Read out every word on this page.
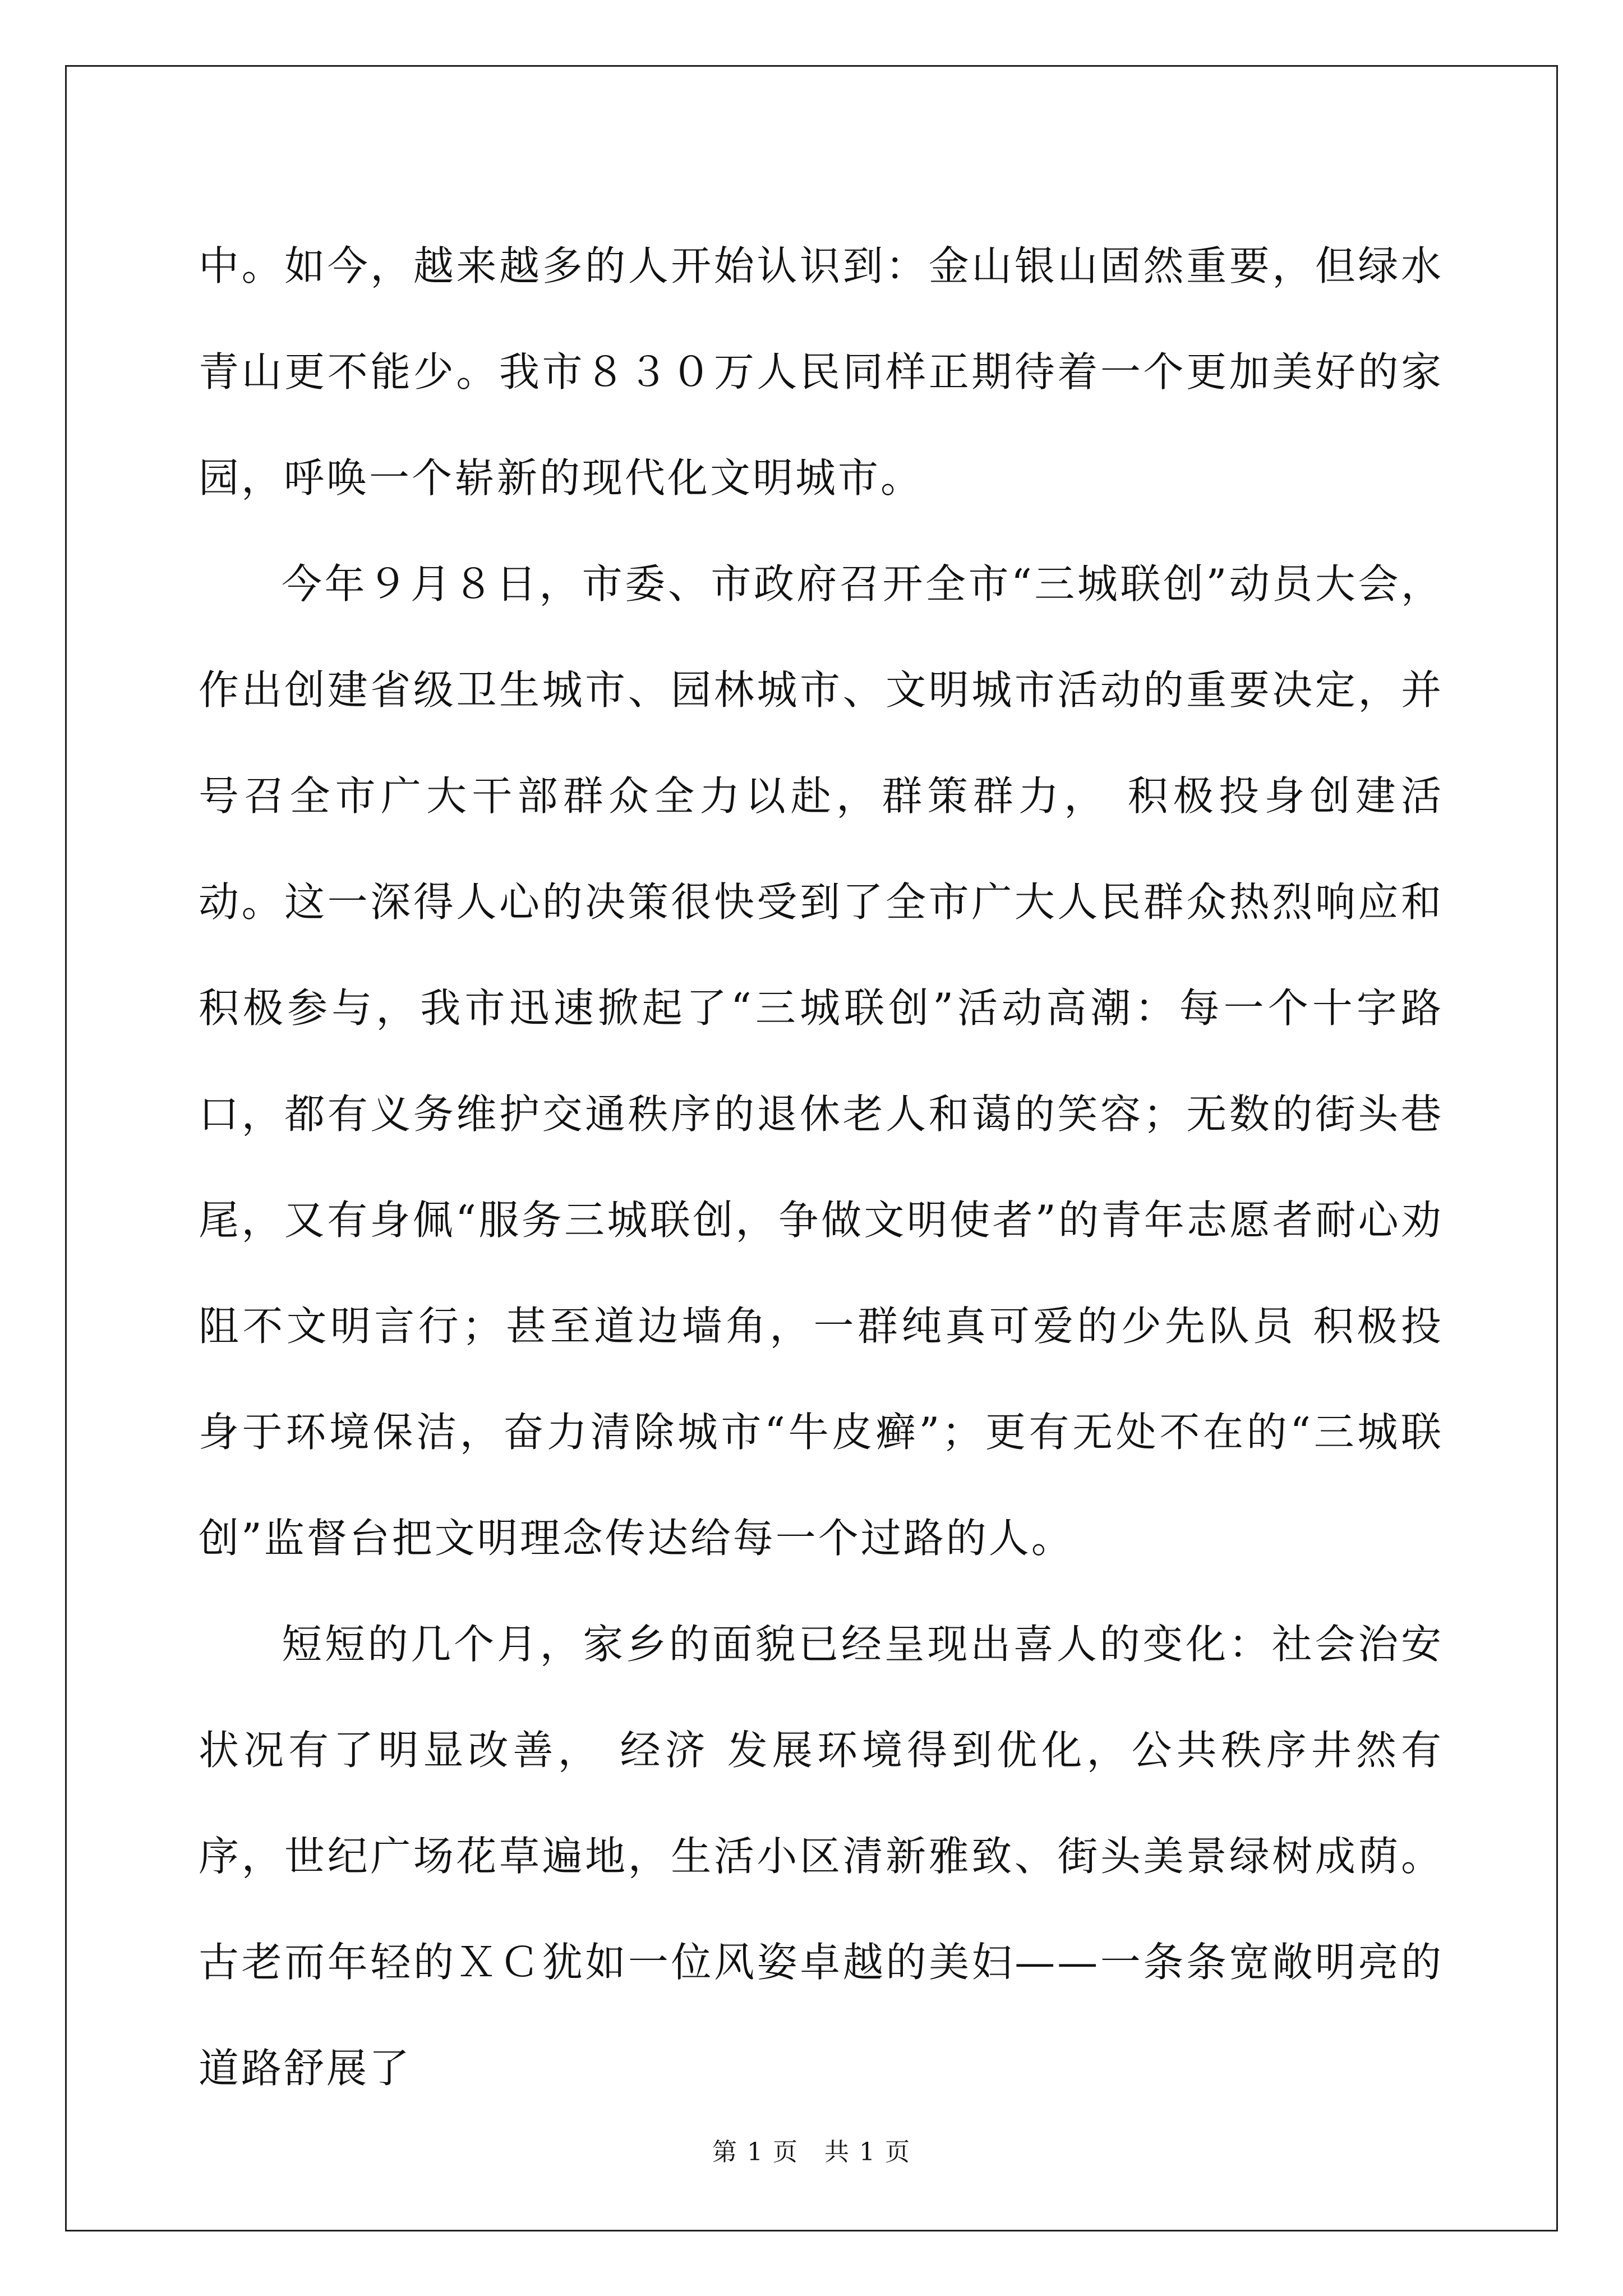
中。如今，越来越多的人开始认识到：金山银山固然重要，但绿水青山更不能少。我市８３０万人民同样正期待着一个更加美好的家园，呼唤一个崭新的现代化文明城市。

今年９月８日，市委、市政府召开全市“三城联创”动员大会，作出创建省级卫生城市、园林城市、文明城市活动的重要决定，并号召全市广大干部群众全力以赴，群策群力， 积极投身创建活动。这一深得人心的决策很快受到了全市广大人民群众热烈响应和 积极参与，我市迅速掀起了“三城联创”活动高潮：每一个十字路口，都有义务维护交通秩序的退休老人和蔼的笑容；无数的街头巷尾，又有身佩“服务三城联创，争做文明使者”的青年志愿者耐心劝阻不文明言行；甚至道边墙角，一群纯真可爱的少先队员 积极投身于环境保洁，奋力清除城市“牛皮癣”；更有无处不在的“三城联创”监督台把文明理念传达给每一个过路的人。

短短的几个月，家乡的面貌已经呈现出喜人的变化：社会治安状况有了明显改善， 经济 发展环境得到优化，公共秩序井然有序，世纪广场花草遍地，生活小区清新雅致、街头美景绿树成荫。古老而年轻的ＸＣ犹如一位风姿卓越的美妇——一条条宽敞明亮的道路舒展了

第 1 页　共 1 页
